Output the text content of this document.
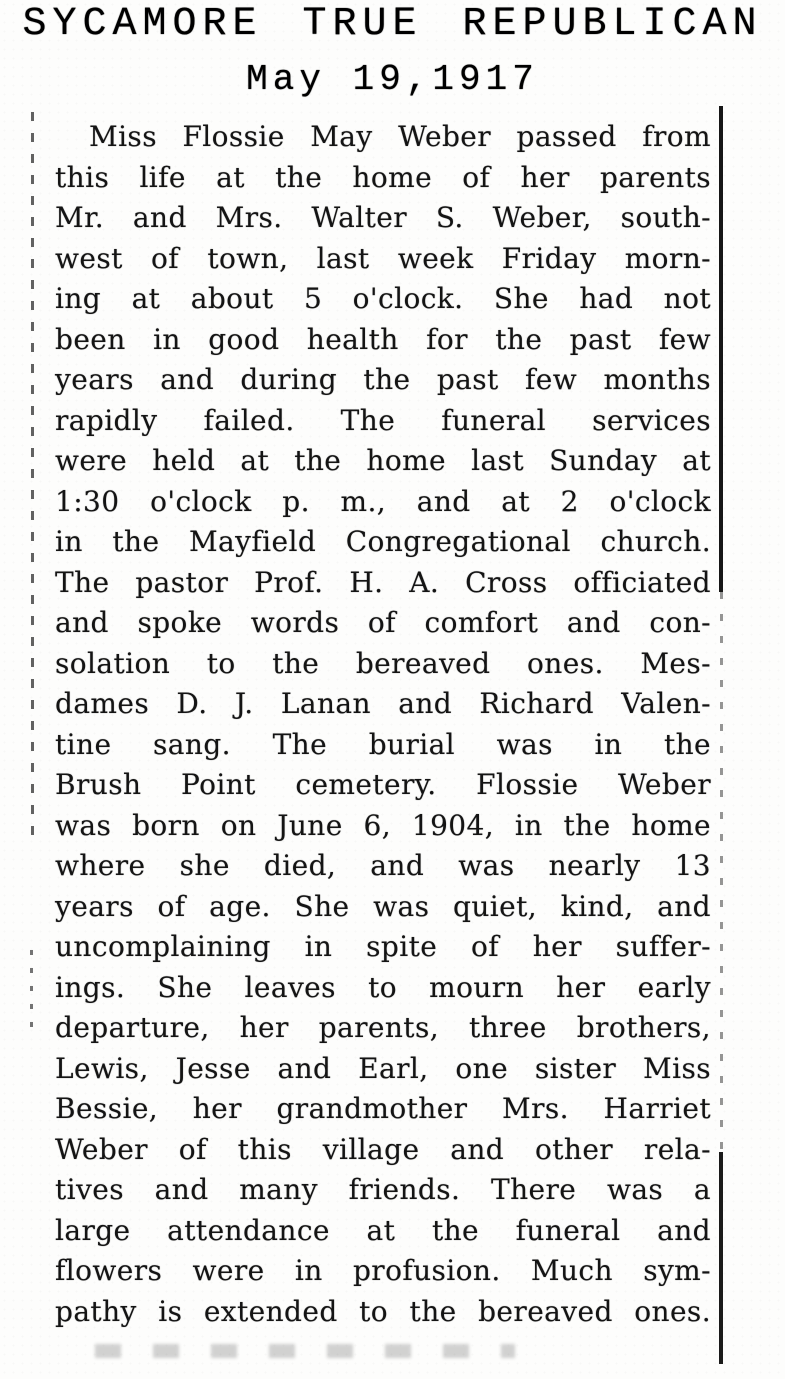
SYCAMORE TRUE REPUBLICAN
May 19,1917
Miss Flossie May Weber passed from
this life at the home of her parents
Mr. and Mrs. Walter S. Weber, south-
west of town, last week Friday morn-
ing at about 5 o'clock. She had not
been in good health for the past few
years and during the past few months
rapidly failed. The funeral services
were held at the home last Sunday at
1:30 o'clock p. m., and at 2 o'clock
in the Mayfield Congregational church.
The pastor Prof. H. A. Cross officiated
and spoke words of comfort and con-
solation to the bereaved ones. Mes-
dames D. J. Lanan and Richard Valen-
tine sang. The burial was in the
Brush Point cemetery. Flossie Weber
was born on June 6, 1904, in the home
where she died, and was nearly 13
years of age. She was quiet, kind, and
uncomplaining in spite of her suffer-
ings. She leaves to mourn her early
departure, her parents, three brothers,
Lewis, Jesse and Earl, one sister Miss
Bessie, her grandmother Mrs. Harriet
Weber of this village and other rela-
tives and many friends. There was a
large attendance at the funeral and
flowers were in profusion. Much sym-
pathy is extended to the bereaved ones.
